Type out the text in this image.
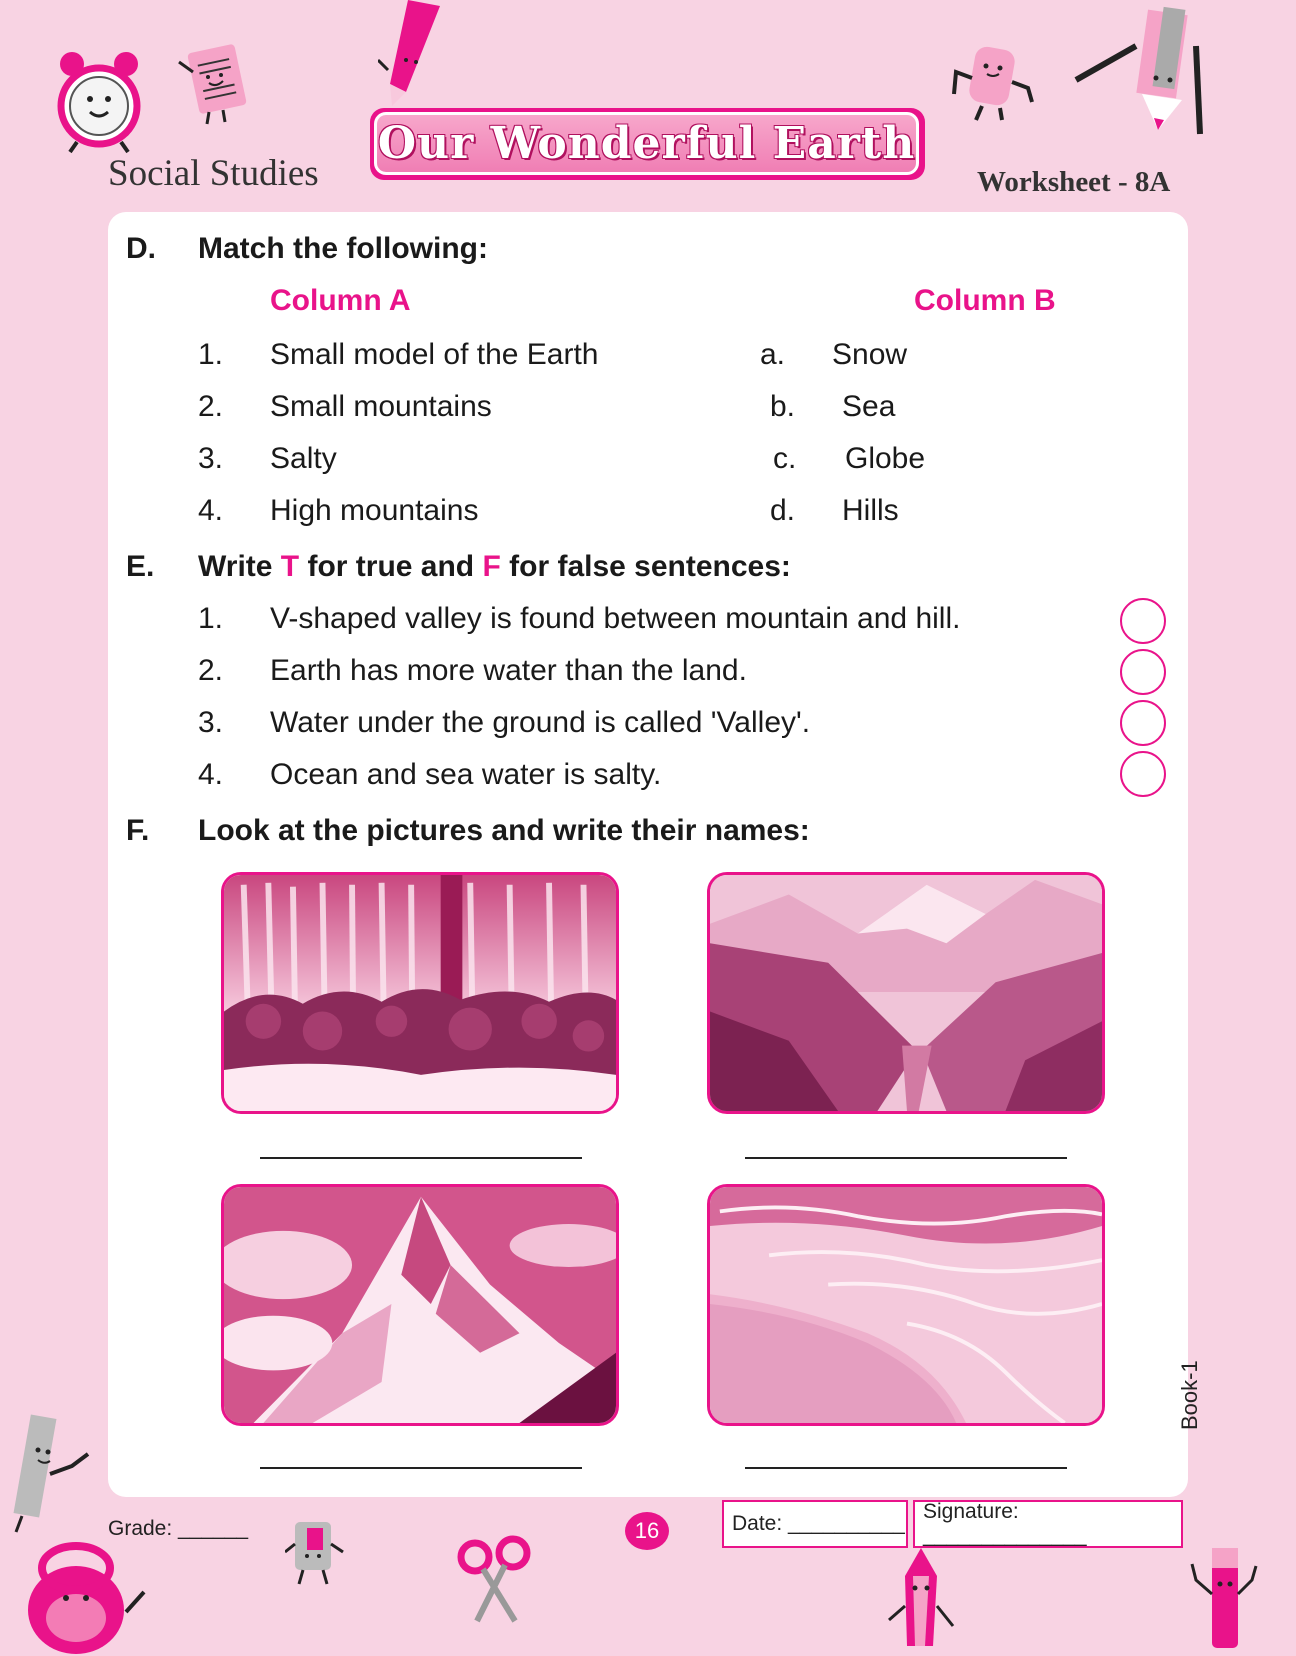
Social Studies
Our Wonderful Earth
Worksheet - 8A
D. Match the following:
Column A	Column B
1. Small model of the Earth	a. Snow
2. Small mountains	b. Sea
3. Salty	c. Globe
4. High mountains	d. Hills
E. Write T for true and F for false sentences:
1. V-shaped valley is found between mountain and hill.
2. Earth has more water than the land.
3. Water under the ground is called 'Valley'.
4. Ocean and sea water is salty.
F. Look at the pictures and write their names:
Book-1
Grade: ______	16	Date: __________
Signature: ______________
